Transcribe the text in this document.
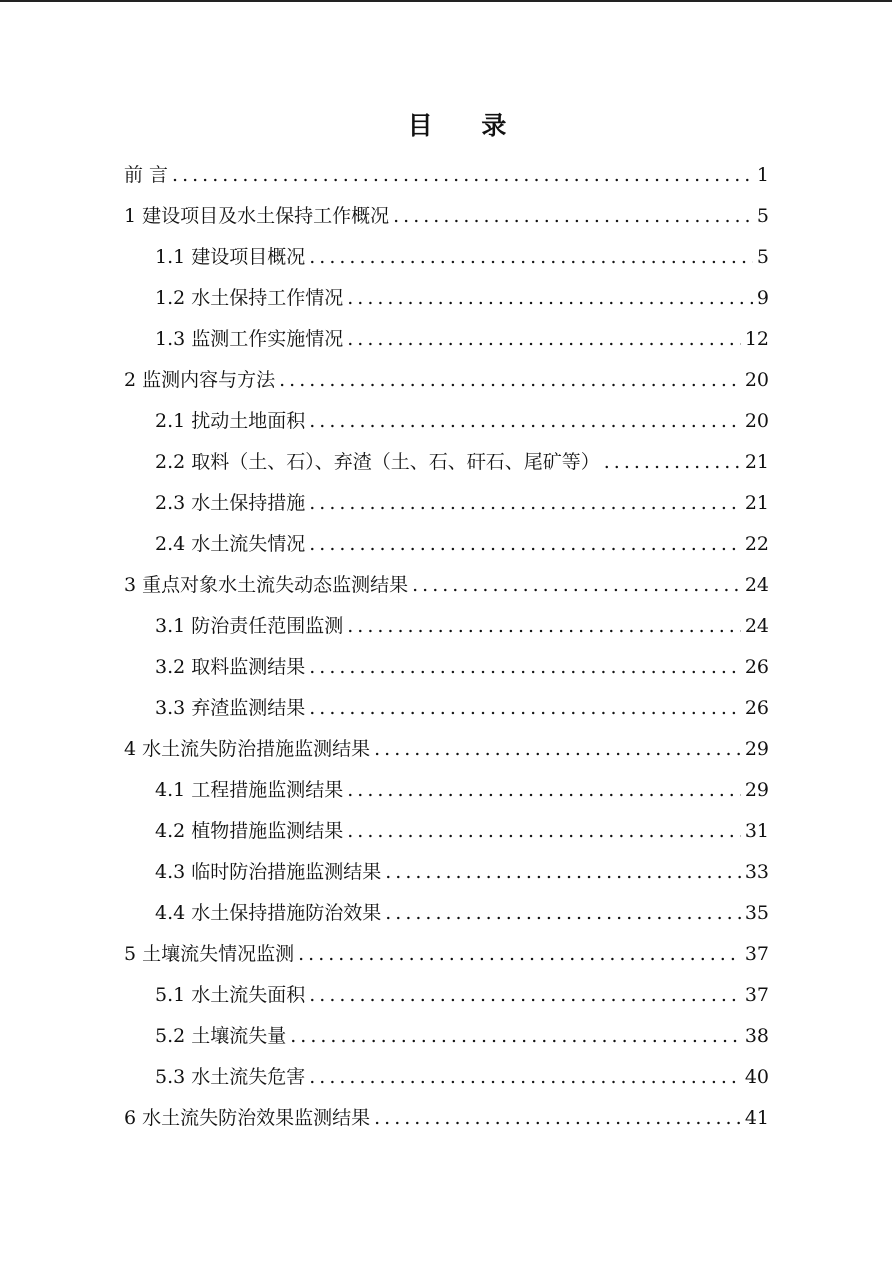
目 录
前 言 .....	1
1 建设项目及水土保持工作概况 .....	5
1.1 建设项目概况 .....	5
1.2 水土保持工作情况 .....	9
1.3 监测工作实施情况 .....	12
2 监测内容与方法 .....	20
2.1 扰动土地面积 .....	20
2.2 取料（土、石）、弃渣（土、石、矸石、尾矿等） .....	21
2.3 水土保持措施 .....	21
2.4 水土流失情况 .....	22
3 重点对象水土流失动态监测结果 .....	24
3.1 防治责任范围监测 .....	24
3.2 取料监测结果 .....	26
3.3 弃渣监测结果 .....	26
4 水土流失防治措施监测结果 .....	29
4.1 工程措施监测结果 .....	29
4.2 植物措施监测结果 .....	31
4.3 临时防治措施监测结果 .....	33
4.4 水土保持措施防治效果 .....	35
5 土壤流失情况监测 .....	37
5.1 水土流失面积 .....	37
5.2 土壤流失量 .....	38
5.3 水土流失危害 .....	40
6 水土流失防治效果监测结果 .....	41
